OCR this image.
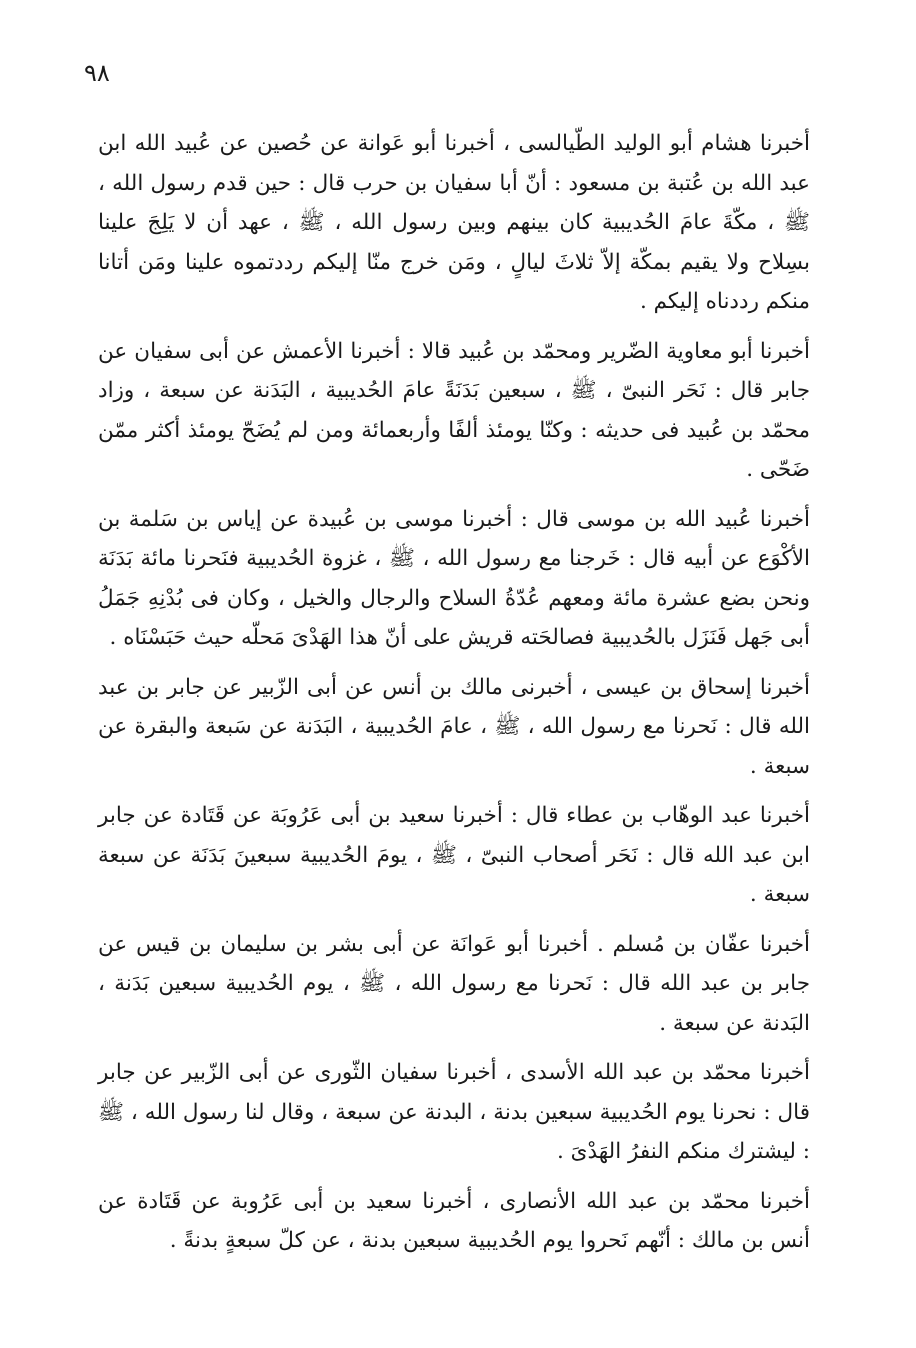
٩٨

أخبرنا هشام أبو الوليد الطّيالسى ، أخبرنا أبو عَوانة عن حُصين عن عُبيد الله ابن عبد الله بن عُتبة بن مسعود : أنّ أبا سفيان بن حرب قال : حين قدم رسول الله ، ﷺ ، مكّةَ عامَ الحُديبية كان بينهم وبين رسول الله ، ﷺ ، عهد أن لا يَلِجَ علينا بسِلاح ولا يقيم بمكّة إلاّ ثلاثَ ليالٍ ، ومَن خرج منّا إليكم رددتموه علينا ومَن أتانا منكم رددناه إليكم .

أخبرنا أبو معاوية الضّرير ومحمّد بن عُبيد قالا : أخبرنا الأعمش عن أبى سفيان عن جابر قال : نَحَر النبىّ ، ﷺ ، سبعين بَدَنَةً عامَ الحُديبية ، البَدَنة عن سبعة ، وزاد محمّد بن عُبيد فى حديثه : وكنّا يومئذ ألفًا وأربعمائة ومن لم يُضَحّ يومئذ أكثر ممّن ضَحّى .

أخبرنا عُبيد الله بن موسى قال : أخبرنا موسى بن عُبيدة عن إياس بن سَلمة بن الأكْوَع عن أبيه قال : خَرجنا مع رسول الله ، ﷺ ، غزوة الحُديبية فنَحرنا مائة بَدَنَة ونحن بضع عشرة مائة ومعهم عُدّةُ السلاح والرجال والخيل ، وكان فى بُدْنِهِ جَمَلُ أبى جَهل فَنَزَل بالحُديبية فصالحَته قريش على أنّ هذا الهَدْىَ مَحلّه حيث حَبَسْنَاه .

أخبرنا إسحاق بن عيسى ، أخبرنى مالك بن أنس عن أبى الزّبير عن جابر بن عبد الله قال : نَحرنا مع رسول الله ، ﷺ ، عامَ الحُديبية ، البَدَنة عن سَبعة والبقرة عن سبعة .

أخبرنا عبد الوهّاب بن عطاء قال : أخبرنا سعيد بن أبى عَرُوبَة عن قَتَادة عن جابر ابن عبد الله قال : نَحَر أصحاب النبىّ ، ﷺ ، يومَ الحُديبية سبعينَ بَدَنَة عن سبعة سبعة .

أخبرنا عفّان بن مُسلم . أخبرنا أبو عَوانَة عن أبى بشر بن سليمان بن قيس عن جابر بن عبد الله قال : نَحرنا مع رسول الله ، ﷺ ، يوم الحُديبية سبعين بَدَنة ، البَدنة عن سبعة .

أخبرنا محمّد بن عبد الله الأسدى ، أخبرنا سفيان الثّورى عن أبى الزّبير عن جابر قال : نحرنا يوم الحُديبية سبعين بدنة ، البدنة عن سبعة ، وقال لنا رسول الله ، ﷺ : ليشترك منكم النفرُ الهَدْىَ .

أخبرنا محمّد بن عبد الله الأنصارى ، أخبرنا سعيد بن أبى عَرُوبة عن قَتَادة عن أنس بن مالك : أنّهم نَحروا يوم الحُديبية سبعين بدنة ، عن كلّ سبعةٍ بدنةً .
